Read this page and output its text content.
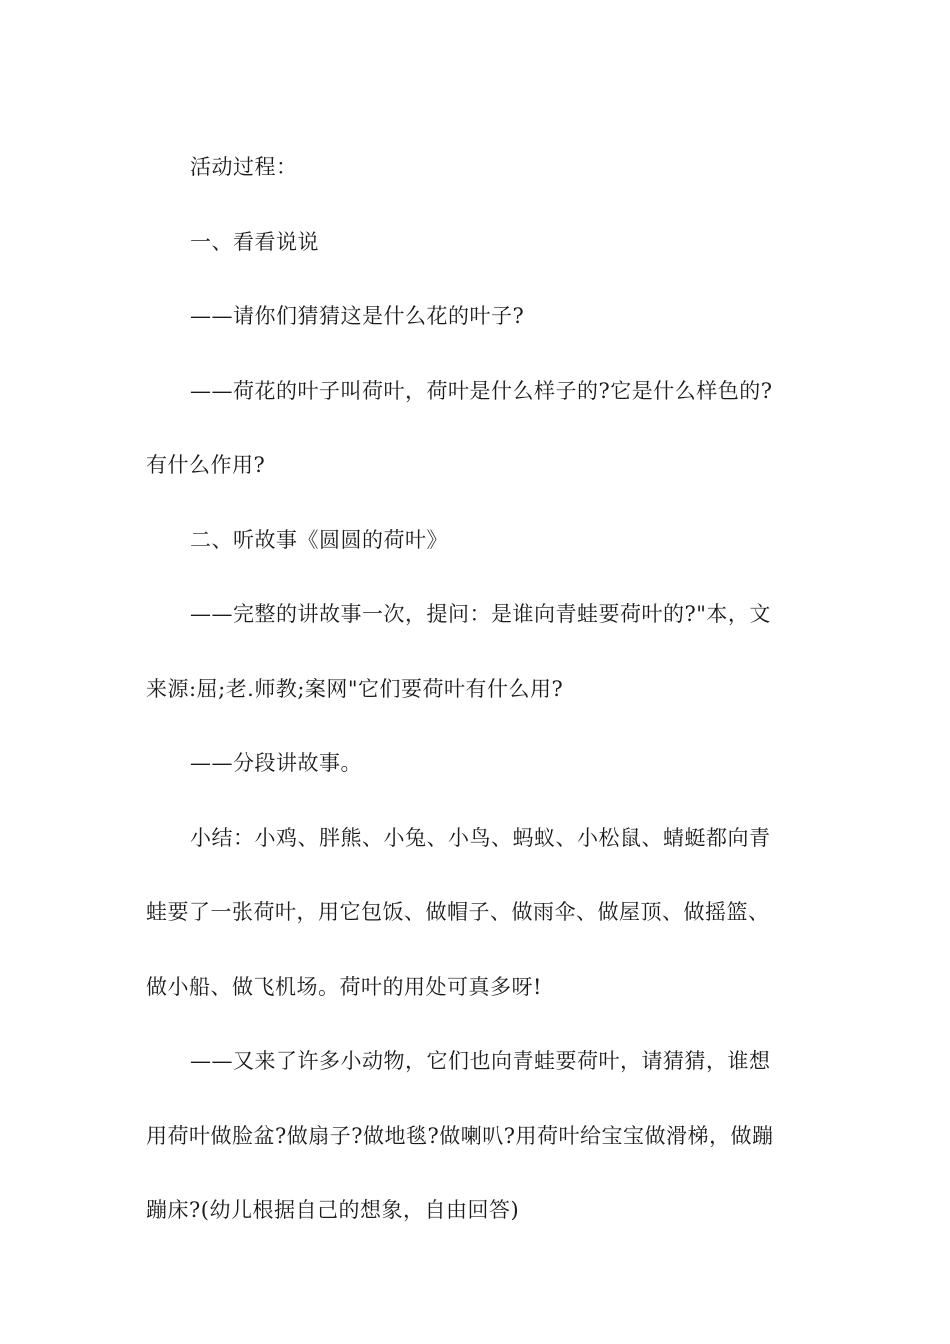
活动过程：
一、看看说说
——请你们猜猜这是什么花的叶子?
——荷花的叶子叫荷叶，荷叶是什么样子的?它是什么样色的?
有什么作用?
二、听故事《圆圆的荷叶》
——完整的讲故事一次，提问：是谁向青蛙要荷叶的?"本，文
来源:屈;老.师教;案网"它们要荷叶有什么用?
——分段讲故事。
小结：小鸡、胖熊、小兔、小鸟、蚂蚁、小松鼠、蜻蜓都向青
蛙要了一张荷叶，用它包饭、做帽子、做雨伞、做屋顶、做摇篮、
做小船、做飞机场。荷叶的用处可真多呀!
——又来了许多小动物，它们也向青蛙要荷叶，请猜猜，谁想
用荷叶做脸盆?做扇子?做地毯?做喇叭?用荷叶给宝宝做滑梯，做蹦
蹦床?(幼儿根据自己的想象，自由回答)
